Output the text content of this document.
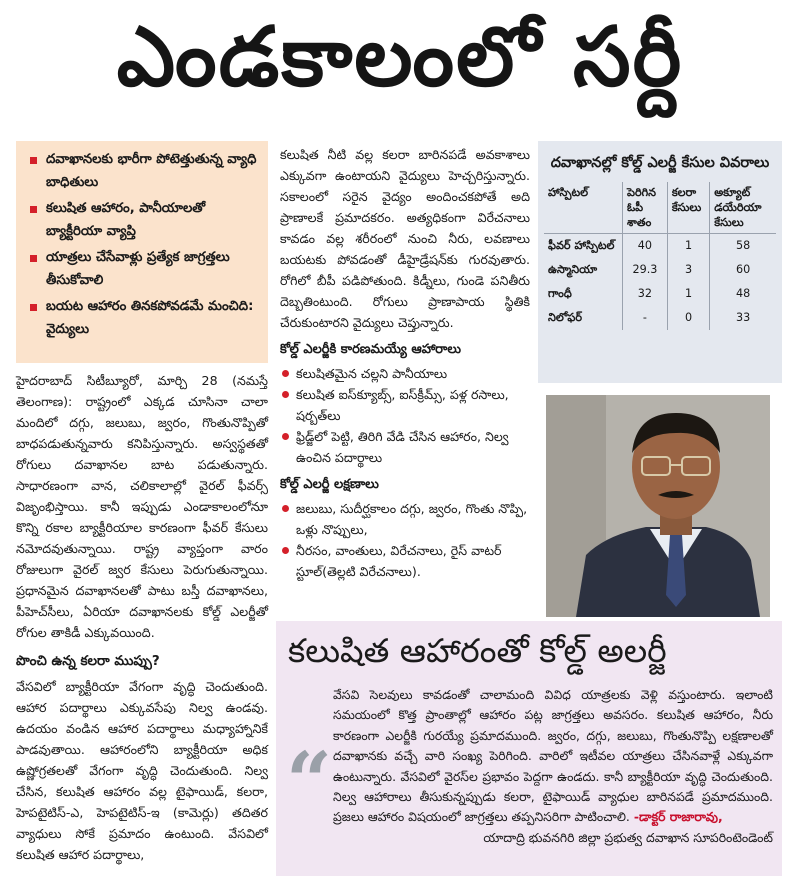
ఎండకాలంలో సర్దీ
దవాఖానలకు భారీగా పోటెత్తుతున్న వ్యాధి బాధితులు
కలుషిత ఆహారం, పానీయాలతో బ్యాక్టీరియా వ్యాప్తి
యాత్రలు చేసేవాళ్లు ప్రత్యేక జాగ్రత్తలు తీసుకోవాలి
బయట ఆహారం తినకపోవడమే మంచిది: వైద్యులు

హైదరాబాద్ సిటీబ్యూరో, మార్చి 28 (నమస్తే తెలంగాణ): రాష్ట్రంలో ఎక్కడ చూసినా చాలా మందిలో దగ్గు, జలుబు, జ్వరం, గొంతునొప్పితో బాధపడుతున్నవారు కనిపిస్తున్నారు. అస్వస్థతతో రోగులు దవాఖానల బాట పడుతున్నారు. సాధారణంగా వాన, చలికాలాల్లో వైరల్ ఫీవర్స్ విజృంభిస్తాయి. కానీ ఇప్పుడు ఎండాకాలంలోనూ కొన్ని రకాల బ్యాక్టీరియాల కారణంగా ఫీవర్ కేసులు నమోదవుతున్నాయి. రాష్ట్ర వ్యాప్తంగా వారం రోజులుగా వైరల్ జ్వర కేసులు పెరుగుతున్నాయి. ప్రధానమైన దవాఖానలతో పాటు బస్తీ దవాఖానలు, పీహెచ్‌సీలు, ఏరియా దవాఖానలకు కోల్డ్ ఎలర్జీతో రోగుల తాకిడీ ఎక్కువయింది.

పొంచి ఉన్న కలరా ముప్పు?

వేసవిలో బ్యాక్టీరియా వేగంగా వృద్ధి చెందుతుంది. ఆహార పదార్థాలు ఎక్కువసేపు నిల్వ ఉండవు. ఉదయం వండిన ఆహార పదార్థాలు మధ్యాహ్నానికే పాడవుతాయి. ఆహారంలోని బ్యాక్టీరియా అధిక ఉష్ణోగ్రతలతో వేగంగా వృద్ధి చెందుతుంది. నిల్వ చేసిన, కలుషిత ఆహారం వల్ల టైఫాయిడ్, కలరా, హెపటైటిస్-ఎ, హెపటైటిస్-ఇ (కామెర్లు) తదితర వ్యాధులు సోకే ప్రమాదం ఉంటుంది. వేసవిలో కలుషిత ఆహార పదార్థాలు,

కలుషిత నీటి వల్ల కలరా బారినపడే అవకాశాలు ఎక్కువగా ఉంటాయని వైద్యులు హెచ్చరిస్తున్నారు. సకాలంలో సరైన వైద్యం అందించకపోతే అది ప్రాణాలకే ప్రమాదకరం. అత్యధికంగా విరేచనాలు కావడం వల్ల శరీరంలో నుంచి నీరు, లవణాలు బయటకు పోవడంతో డీహైడ్రేషన్‌కు గురవుతారు. రోగిలో బీపీ పడిపోతుంది. కిడ్నీలు, గుండె పనితీరు దెబ్బతింటుంది. రోగులు ప్రాణాపాయ స్థితికి చేరుకుంటారని వైద్యులు చెప్తున్నారు.

కోల్డ్ ఎలర్జీకి కారణమయ్యే ఆహారాలు
కలుషితమైన చల్లని పానీయాలు
కలుషిత ఐస్‌క్యూబ్స్, ఐస్‌క్రీమ్స్, పళ్ల రసాలు, షర్బత్‌లు
ఫ్రిడ్జ్‌లో పెట్టి, తిరిగి వేడి చేసిన ఆహారం, నిల్వ ఉంచిన పదార్థాలు
కోల్డ్ ఎలర్జీ లక్షణాలు
జలుబు, సుదీర్ఘకాలం దగ్గు, జ్వరం, గొంతు నొప్పి, ఒళ్లు నొప్పులు,
నీరసం, వాంతులు, విరేచనాలు, రైస్ వాటర్ స్టూల్(తెల్లటి విరేచనాలు).
దవాఖానల్లో కోల్డ్ ఎలర్జీ కేసుల వివరాలు
హాస్పిటల్	పెరిగిన ఓపీ శాతం	కలరా కేసులు	అక్యూట్ డయేరియా కేసులు
ఫీవర్ హాస్పిటల్	40	1	58
ఉస్మానియా	29.3	3	60
గాంధీ	32	1	48
నిలోఫర్	-	0	33
కలుషిత ఆహారంతో కోల్డ్ అలర్జీ
“
వేసవి సెలవులు కావడంతో చాలామంది వివిధ యాత్రలకు వెళ్లి వస్తుంటారు. ఇలాంటి సమయంలో కొత్త ప్రాంతాల్లో ఆహారం పట్ల జాగ్రత్తలు అవసరం. కలుషిత ఆహారం, నీరు కారణంగా ఎలర్జీకి గురయ్యే ప్రమాదముంది. జ్వరం, దగ్గు, జలుబు, గొంతునొప్పి లక్షణాలతో దవాఖానకు వచ్చే వారి సంఖ్య పెరిగింది. వారిలో ఇటీవల యాత్రలు చేసినవాళ్లే ఎక్కువగా ఉంటున్నారు. వేసవిలో వైరస్‌ల ప్రభావం పెద్దగా ఉండదు. కానీ బ్యాక్టీరియా వృద్ధి చెందుతుంది. నిల్వ ఆహారాలు తీసుకున్నప్పుడు కలరా, టైఫాయిడ్ వ్యాధుల బారినపడే ప్రమాదముంది. ప్రజలు ఆహారం విషయంలో జాగ్రత్తలు తప్పనిసరిగా పాటించాలి. -డాక్టర్ రాజారావు,

యాదాద్రి భువనగిరి జిల్లా ప్రభుత్వ దవాఖాన సూపరింటెండెంట్
